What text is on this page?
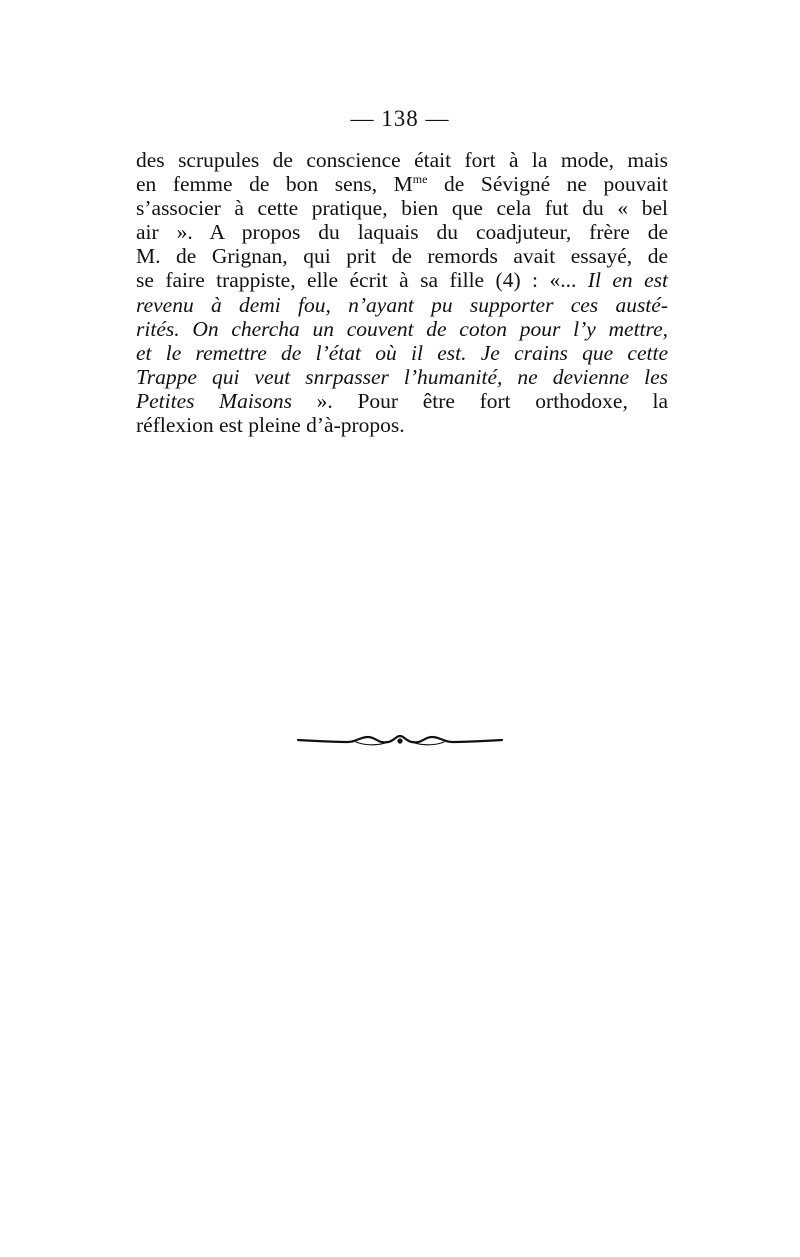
— 138 —
des scrupules de conscience était fort à la mode, mais
en femme de bon sens, $M^{me}$ de Sévigné ne pouvait
s’associer à cette pratique, bien que cela fut du « bel
air ». A propos du laquais du coadjuteur, frère de
M. de Grignan, qui prit de remords avait essayé, de
se faire trappiste, elle écrit à sa fille (4) : «... Il en est
revenu à demi fou, n’ayant pu supporter ces austé-
rités. On chercha un couvent de coton pour l’y mettre,
et le remettre de l’état où il est. Je crains que cette
Trappe qui veut snrpasser l’humanité, ne devienne les
Petites Maisons ». Pour être fort orthodoxe, la
réflexion est pleine d’à-propos.
